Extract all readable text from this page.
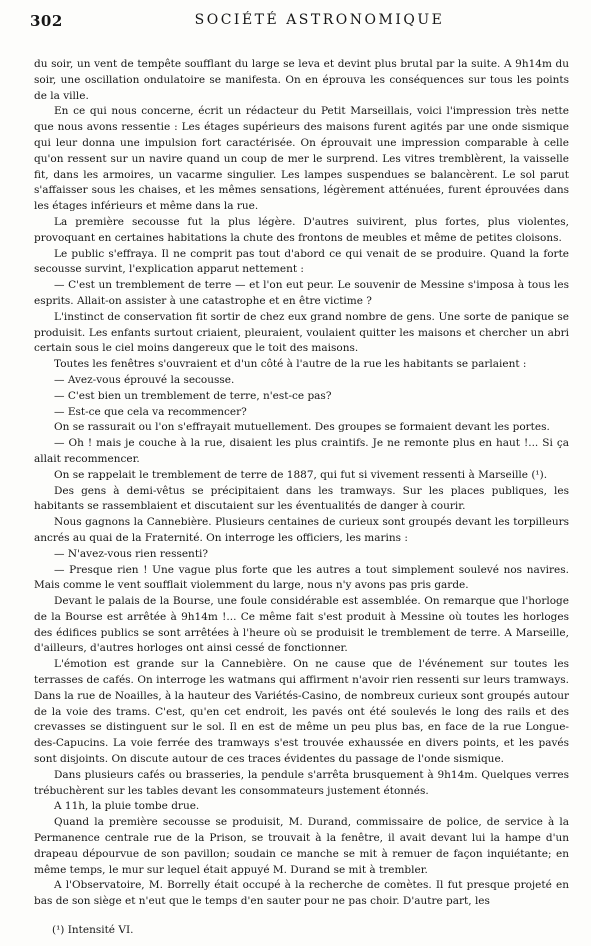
302	SOCIÉTÉ ASTRONOMIQUE

du soir, un vent de tempête soufflant du large se leva et devint plus brutal par la suite. A 9h14m du soir, une oscillation ondulatoire se manifesta. On en éprouva les conséquences sur tous les points de la ville.

En ce qui nous concerne, écrit un rédacteur du Petit Marseillais, voici l'impression très nette que nous avons ressentie : Les étages supérieurs des maisons furent agités par une onde sismique qui leur donna une impulsion fort caractérisée. On éprouvait une impression comparable à celle qu'on ressent sur un navire quand un coup de mer le surprend. Les vitres tremblèrent, la vaisselle fit, dans les armoires, un vacarme singulier. Les lampes suspendues se balancèrent. Le sol parut s'affaisser sous les chaises, et les mêmes sensations, légèrement atténuées, furent éprouvées dans les étages inférieurs et même dans la rue.

La première secousse fut la plus légère. D'autres suivirent, plus fortes, plus violentes, provoquant en certaines habitations la chute des frontons de meubles et même de petites cloisons.

Le public s'effraya. Il ne comprit pas tout d'abord ce qui venait de se produire. Quand la forte secousse survint, l'explication apparut nettement :

— C'est un tremblement de terre — et l'on eut peur. Le souvenir de Messine s'imposa à tous les esprits. Allait-on assister à une catastrophe et en être victime ?

L'instinct de conservation fit sortir de chez eux grand nombre de gens. Une sorte de panique se produisit. Les enfants surtout criaient, pleuraient, voulaient quitter les maisons et chercher un abri certain sous le ciel moins dangereux que le toit des maisons.

Toutes les fenêtres s'ouvraient et d'un côté à l'autre de la rue les habitants se parlaient :

— Avez-vous éprouvé la secousse.

— C'est bien un tremblement de terre, n'est-ce pas?

— Est-ce que cela va recommencer?

On se rassurait ou l'on s'effrayait mutuellement. Des groupes se formaient devant les portes.

— Oh ! mais je couche à la rue, disaient les plus craintifs. Je ne remonte plus en haut !... Si ça allait recommencer.

On se rappelait le tremblement de terre de 1887, qui fut si vivement ressenti à Marseille (¹).

Des gens à demi-vêtus se précipitaient dans les tramways. Sur les places publiques, les habitants se rassemblaient et discutaient sur les éventualités de danger à courir.

Nous gagnons la Cannebière. Plusieurs centaines de curieux sont groupés devant les torpilleurs ancrés au quai de la Fraternité. On interroge les officiers, les marins :

— N'avez-vous rien ressenti?

— Presque rien ! Une vague plus forte que les autres a tout simplement soulevé nos navires. Mais comme le vent soufflait violemment du large, nous n'y avons pas pris garde.

Devant le palais de la Bourse, une foule considérable est assemblée. On remarque que l'horloge de la Bourse est arrêtée à 9h14m !... Ce même fait s'est produit à Messine où toutes les horloges des édifices publics se sont arrêtées à l'heure où se produisit le tremblement de terre. A Marseille, d'ailleurs, d'autres horloges ont ainsi cessé de fonctionner.

L'émotion est grande sur la Cannebière. On ne cause que de l'événement sur toutes les terrasses de cafés. On interroge les watmans qui affirment n'avoir rien ressenti sur leurs tramways. Dans la rue de Noailles, à la hauteur des Variétés-Casino, de nombreux curieux sont groupés autour de la voie des trams. C'est, qu'en cet endroit, les pavés ont été soulevés le long des rails et des crevasses se distinguent sur le sol. Il en est de même un peu plus bas, en face de la rue Longue-des-Capucins. La voie ferrée des tramways s'est trouvée exhaussée en divers points, et les pavés sont disjoints. On discute autour de ces traces évidentes du passage de l'onde sismique.

Dans plusieurs cafés ou brasseries, la pendule s'arrêta brusquement à 9h14m. Quelques verres trébuchèrent sur les tables devant les consommateurs justement étonnés.

A 11h, la pluie tombe drue.

Quand la première secousse se produisit, M. Durand, commissaire de police, de service à la Permanence centrale rue de la Prison, se trouvait à la fenêtre, il avait devant lui la hampe d'un drapeau dépourvue de son pavillon; soudain ce manche se mit à remuer de façon inquiétante; en même temps, le mur sur lequel était appuyé M. Durand se mit à trembler.

A l'Observatoire, M. Borrelly était occupé à la recherche de comètes. Il fut presque projeté en bas de son siège et n'eut que le temps d'en sauter pour ne pas choir. D'autre part, les

(¹) Intensité VI.
